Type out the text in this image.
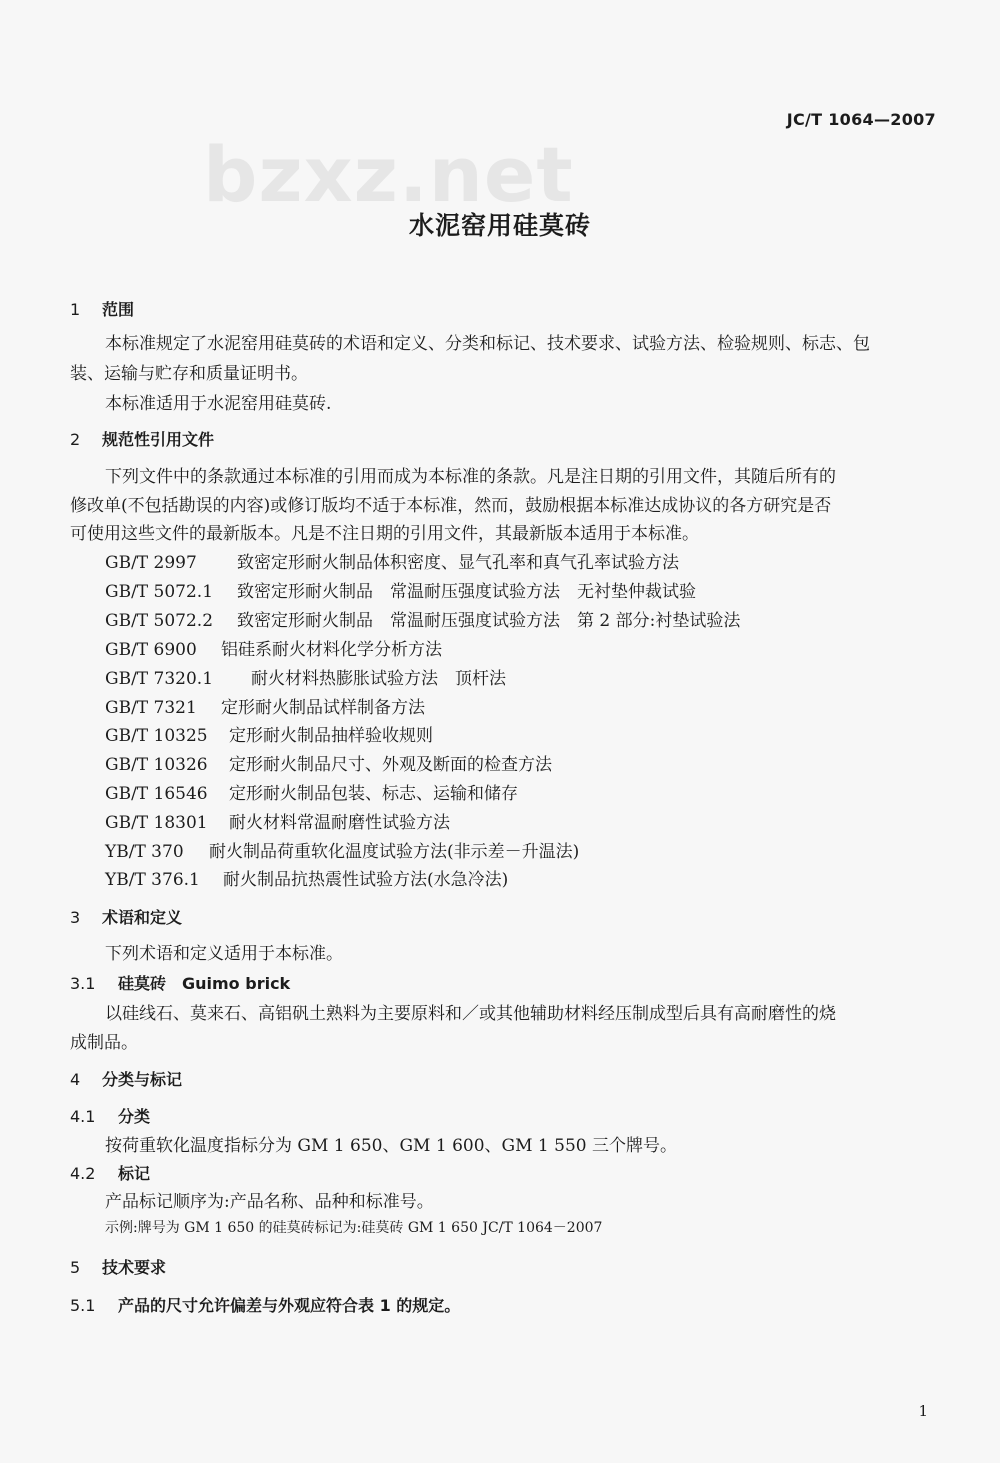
JC/T 1064—2007
bzxz.net
水泥窑用硅莫砖
1 范围
本标准规定了水泥窑用硅莫砖的术语和定义、分类和标记、技术要求、试验方法、检验规则、标志、包
装、运输与贮存和质量证明书。
本标准适用于水泥窑用硅莫砖.
2 规范性引用文件
下列文件中的条款通过本标准的引用而成为本标准的条款。凡是注日期的引用文件，其随后所有的
修改单(不包括勘误的内容)或修订版均不适于本标准，然而，鼓励根据本标准达成协议的各方研究是否
可使用这些文件的最新版本。凡是不注日期的引用文件，其最新版本适用于本标准。
GB/T 2997 致密定形耐火制品体积密度、显气孔率和真气孔率试验方法
GB/T 5072.1 致密定形耐火制品　常温耐压强度试验方法　无衬垫仲裁试验
GB/T 5072.2 致密定形耐火制品　常温耐压强度试验方法　第 2 部分:衬垫试验法
GB/T 6900 铝硅系耐火材料化学分析方法
GB/T 7320.1 耐火材料热膨胀试验方法　顶杆法
GB/T 7321 定形耐火制品试样制备方法
GB/T 10325 定形耐火制品抽样验收规则
GB/T 10326 定形耐火制品尺寸、外观及断面的检查方法
GB/T 16546 定形耐火制品包装、标志、运输和储存
GB/T 18301 耐火材料常温耐磨性试验方法
YB/T 370 耐火制品荷重软化温度试验方法(非示差－升温法)
YB/T 376.1 耐火制品抗热震性试验方法(水急冷法)
3 术语和定义
下列术语和定义适用于本标准。
3.1 硅莫砖　Guimo brick
以硅线石、莫来石、高铝矾土熟料为主要原料和／或其他辅助材料经压制成型后具有高耐磨性的烧
成制品。
4 分类与标记
4.1 分类
按荷重软化温度指标分为 GM 1 650、GM 1 600、GM 1 550 三个牌号。
4.2 标记
产品标记顺序为:产品名称、品种和标准号。
示例:牌号为 GM 1 650 的硅莫砖标记为:硅莫砖 GM 1 650 JC/T 1064－2007
5 技术要求
5.1 产品的尺寸允许偏差与外观应符合表 1 的规定。
1
